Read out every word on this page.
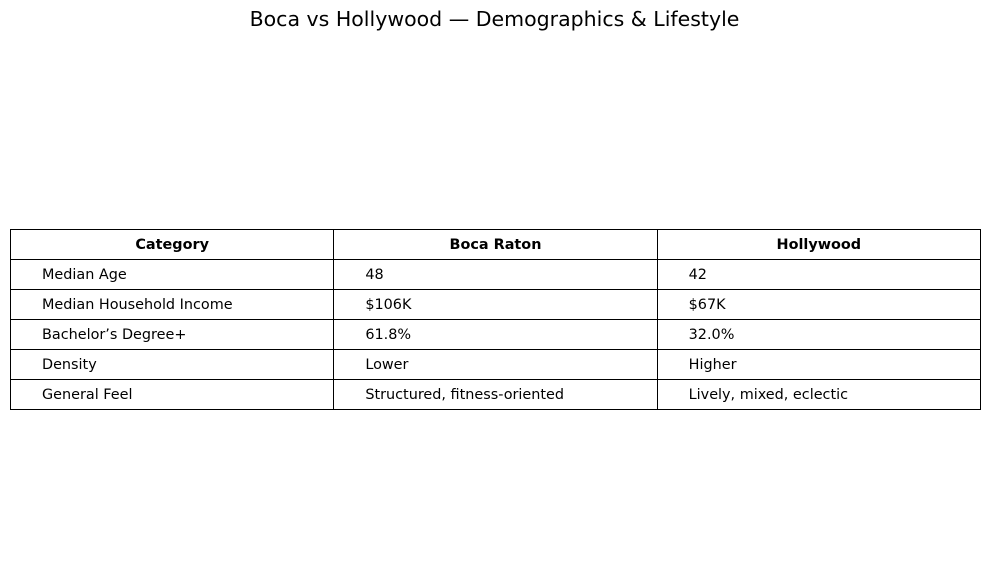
Boca vs Hollywood — Demographics & Lifestyle
Category	Boca Raton	Hollywood
Median Age	48	42
Median Household Income	$106K	$67K
Bachelor’s Degree+	61.8%	32.0%
Density	Lower	Higher
General Feel	Structured, fitness-oriented	Lively, mixed, eclectic
